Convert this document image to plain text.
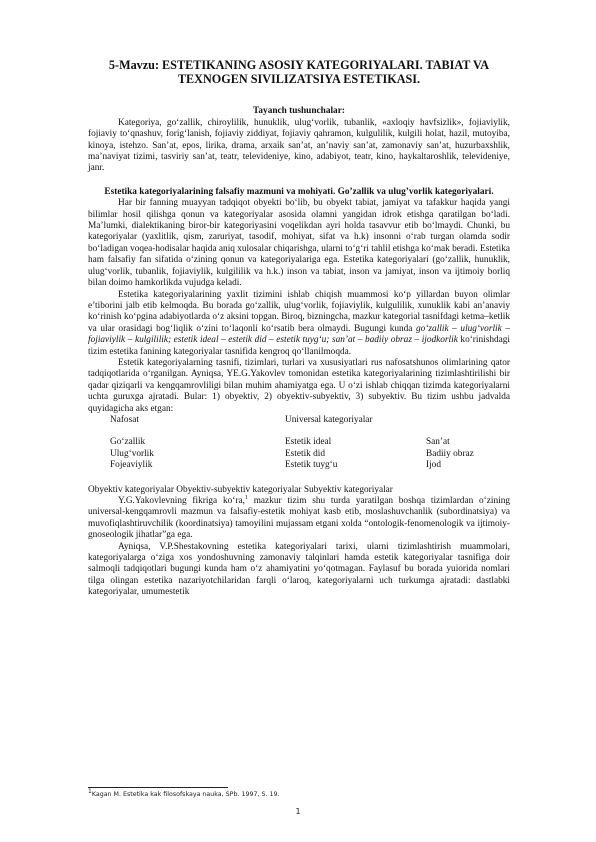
5-Mavzu: ESTETIKANING ASOSIY KATEGORIYALARI. TABIAT VA TEXNOGEN SIVILIZATSIYA ESTETIKASI.
Tayanch tushunchalar:

Kategoriya, go‘zallik, chiroylilik, hunuklik, ulug‘vorlik, tubanlik, «axloqiy havfsizlik», fojiaviylik, fojiaviy to‘qnashuv, forig‘lanish, fojiaviy ziddiyat, fojiaviy qahramon, kulgulilik, kulgili holat, hazil, mutoyiba, kinoya, istehzo. San’at, epos, lirika, drama, arxaik san’at, an’naviy san’at, zamonaviy san’at, huzurbaxshlik, ma’naviyat tizimi, tasviriy san’at, teatr, televideniye, kino, adabiyot, teatr, kino, haykaltaroshlik, televideniye, janr.

Estetika kategoriyalarining falsafiy mazmuni va mohiyati. Go’zallik va ulug’vorlik kategoriyalari.

Har bir fanning muayyan tadqiqot obyekti bo‘lib, bu obyekt tabiat, jamiyat va tafakkur haqida yangi bilimlar hosil qilishga qonun va kategoriyalar asosida olamni yangidan idrok etishga qaratilgan bo‘ladi. Ma’lumki, dialektikaning biror-bir kategoriyasini voqelikdan ayri holda tasavvur etib bo‘lmaydi. Chunki, bu kategoriyalar (yaxlitlik, qism, zaruriyat, tasodif, mohiyat, sifat va h.k) insonni o‘rab turgan olamda sodir bo‘ladigan voqea-hodisalar haqida aniq xulosalar chiqarishga, ularni to‘g‘ri tahlil etishga ko‘mak beradi. Estetika ham falsafiy fan sifatida o‘zining qonun va kategoriyalariga ega. Estetika kategoriyalari (go‘zallik, hunuklik, ulug‘vorlik, tubanlik, fojiaviylik, kulgililik va h.k.) inson va tabiat, inson va jamiyat, inson va ijtimoiy borliq bilan doimo hamkorlikda vujudga keladi.

Estetika kategoriyalarining yaxlit tizimini ishlab chiqish muammosi ko‘p yillardan buyon olimlar e’tiborini jalb etib kelmoqda. Bu borada go‘zallik, ulug‘vorlik, fojiaviylik, kulgulilik, xunuklik kabi an’anaviy ko‘rinish ko‘pgina adabiyotlarda o‘z aksini topgan. Biroq, bizningcha, mazkur kategorial tasnifdagi ketma–ketlik va ular orasidagi bog‘liqlik o‘zini to‘laqonli ko‘rsatib bera olmaydi. Bugungi kunda go‘zallik – ulug‘vorlik – fojiaviylik – kulgililik; estetik ideal – estetik did – estetik tuyg‘u; san’at – badiiy obraz – ijodkorlik ko‘rinishdagi tizim estetika fanining kategoriyalar tasnifida kengroq qo‘llanilmoqda.

Estetik kategoriyalarning tasnifi, tizimlari, turlari va xususiyatlari rus nafosatshunos olimlarining qator tadqiqotlarida o‘rganilgan. Ayniqsa, YE.G.Yakovlev tomonidan estetika kategoriyalarining tizimlashtirilishi bir qadar qiziqarli va kengqamrovliligi bilan muhim ahamiyatga ega. U o‘zi ishlab chiqqan tizimda kategoriyalarni uchta guruxga ajratadi. Bular: 1) obyektiv, 2) obyektiv-subyektiv, 3) subyektiv. Bu tizim ushbu jadvalda quyidagicha aks etgan:

Nafosat	Universal kategoriyalar
Go‘zallik	Estetik ideal	San’at
Ulug‘vorlik	Estetik did	Badiiy obraz
Fojeaviylik	Estetik tuyg‘u	Ijod

Obyektiv kategoriyalar Obyektiv-subyektiv kategoriyalar Subyektiv kategoriyalar

Y.G.Yakovlevning fikriga ko‘ra,$^1$ mazkur tizim shu turda yaratilgan boshqa tizimlardan o‘zining universal-kengqamrovli mazmun va falsafiy-estetik mohiyat kasb etib, moslashuvchanlik (subordinatsiya) va muvofiqlashtiruvchilik (koordinatsiya) tamoyilini mujassam etgani xolda “ontologik-fenomenologik va ijtimoiy-gnoseologik jihatlar”ga ega.

Ayniqsa, V.P.Shestakovning estetika kategoriyalari tarixi, ularni tizimlashtirish muammolari, kategoriyalarga o‘ziga xos yondoshuvning zamonaviy talqinlari hamda estetik kategoriyalar tasnifiga doir salmoqli tadqiqotlari bugungi kunda ham o‘z ahamiyatini yo‘qotmagan. Faylasuf bu borada yuiorida nomlari tilga olingan estetika nazariyotchilaridan farqli o‘laroq, kategoriyalarni uch turkumga ajratadi: dastlabki kategoriyalar, umumestetik

$^1$Kagan M. Estetika kak filosofskaya nauka, SPb. 1997, S. 19.
1
